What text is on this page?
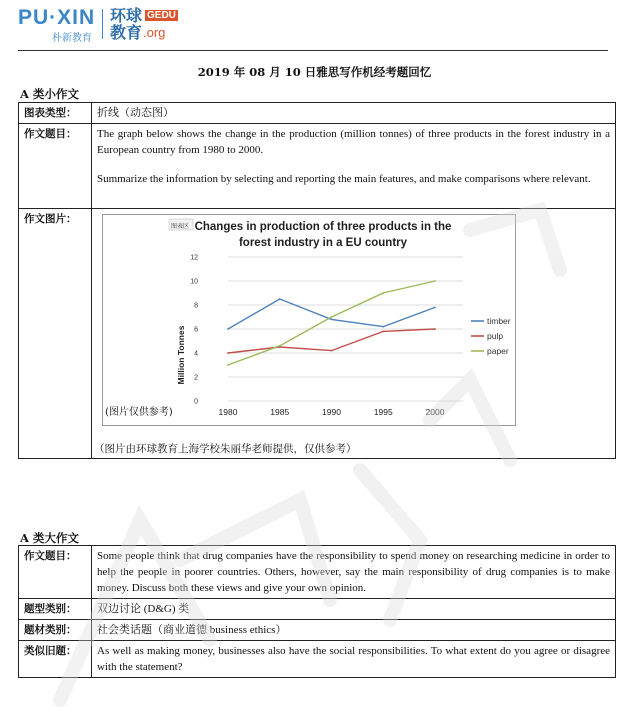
PU·XIN
朴新教育
环球
教育
GEDU
.org
2019 年 08 月 10 日雅思写作机经考题回忆
A 类小作文
图表类型：	折线（动态图）
作文题目：	The graph below shows the change in the production (million tonnes) of three products in the forest industry in a European country from 1980 to 2000.
Summarize the information by selecting and reporting the main features, and make comparisons where relevant.

作文图片：	（图片由环球教育上海学校朱丽华老师提供，仅供参考）
图表区 Changes in production of three products in the
forest industry in a EU country
Million Tonnes
(图片仅供参考)
0
2
4
6
8
10
12
1980	1985	1990	1995	2000
timber
pulp
paper
A 类大作文
作文题目：	Some people think that drug companies have the responsibility to spend money on researching medicine in order to help the people in poorer countries. Others, however, say the main responsibility of drug companies is to make money. Discuss both these views and give your own opinion.
题型类别：	双边讨论 (D&G) 类
题材类别：	社会类话题（商业道德 business ethics）
类似旧题：	As well as making money, businesses also have the social responsibilities. To what extent do you agree or disagree with the statement?
